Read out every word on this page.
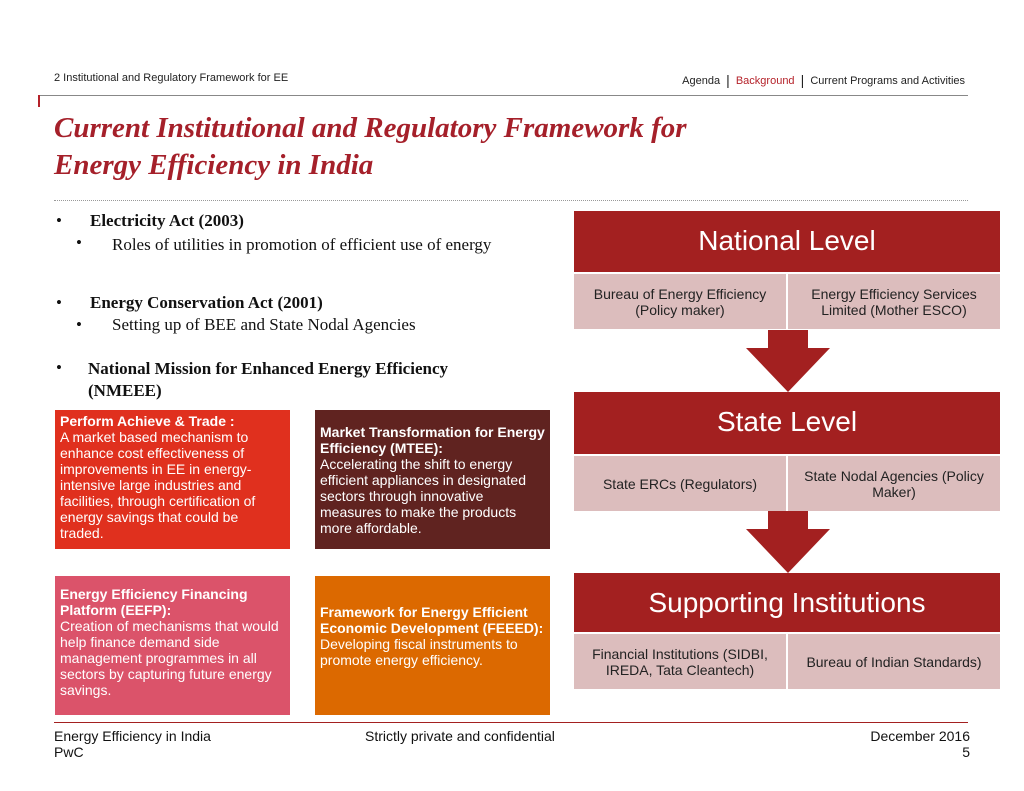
2 Institutional and Regulatory Framework for EE	Agenda | Background | Current Programs and Activities
Current Institutional and Regulatory Framework for
Energy Efficiency in India
• Electricity Act (2003)
• Roles of utilities in promotion of efficient use of energy
• Energy Conservation Act (2001)
• Setting up of BEE and State Nodal Agencies
• National Mission for Enhanced Energy Efficiency (NMEEE)
Perform Achieve & Trade :
A market based mechanism to enhance cost effectiveness of improvements in EE in energy-intensive large industries and facilities, through certification of energy savings that could be traded.
Market Transformation for Energy Efficiency (MTEE):
Accelerating the shift to energy efficient appliances in designated sectors through innovative measures to make the products more affordable.
Energy Efficiency Financing Platform (EEFP):
Creation of mechanisms that would help finance demand side management programmes in all sectors by capturing future energy savings.
Framework for Energy Efficient Economic Development (FEEED):
Developing fiscal instruments to promote energy efficiency.
National Level
Bureau of Energy Efficiency (Policy maker)
Energy Efficiency Services Limited (Mother ESCO)
State Level
State ERCs (Regulators)	State Nodal Agencies (Policy Maker)
Supporting Institutions
Financial Institutions (SIDBI, IREDA, Tata Cleantech)	Bureau of Indian Standards)
Energy Efficiency in India
PwC
Strictly private and confidential	December 2016
5
